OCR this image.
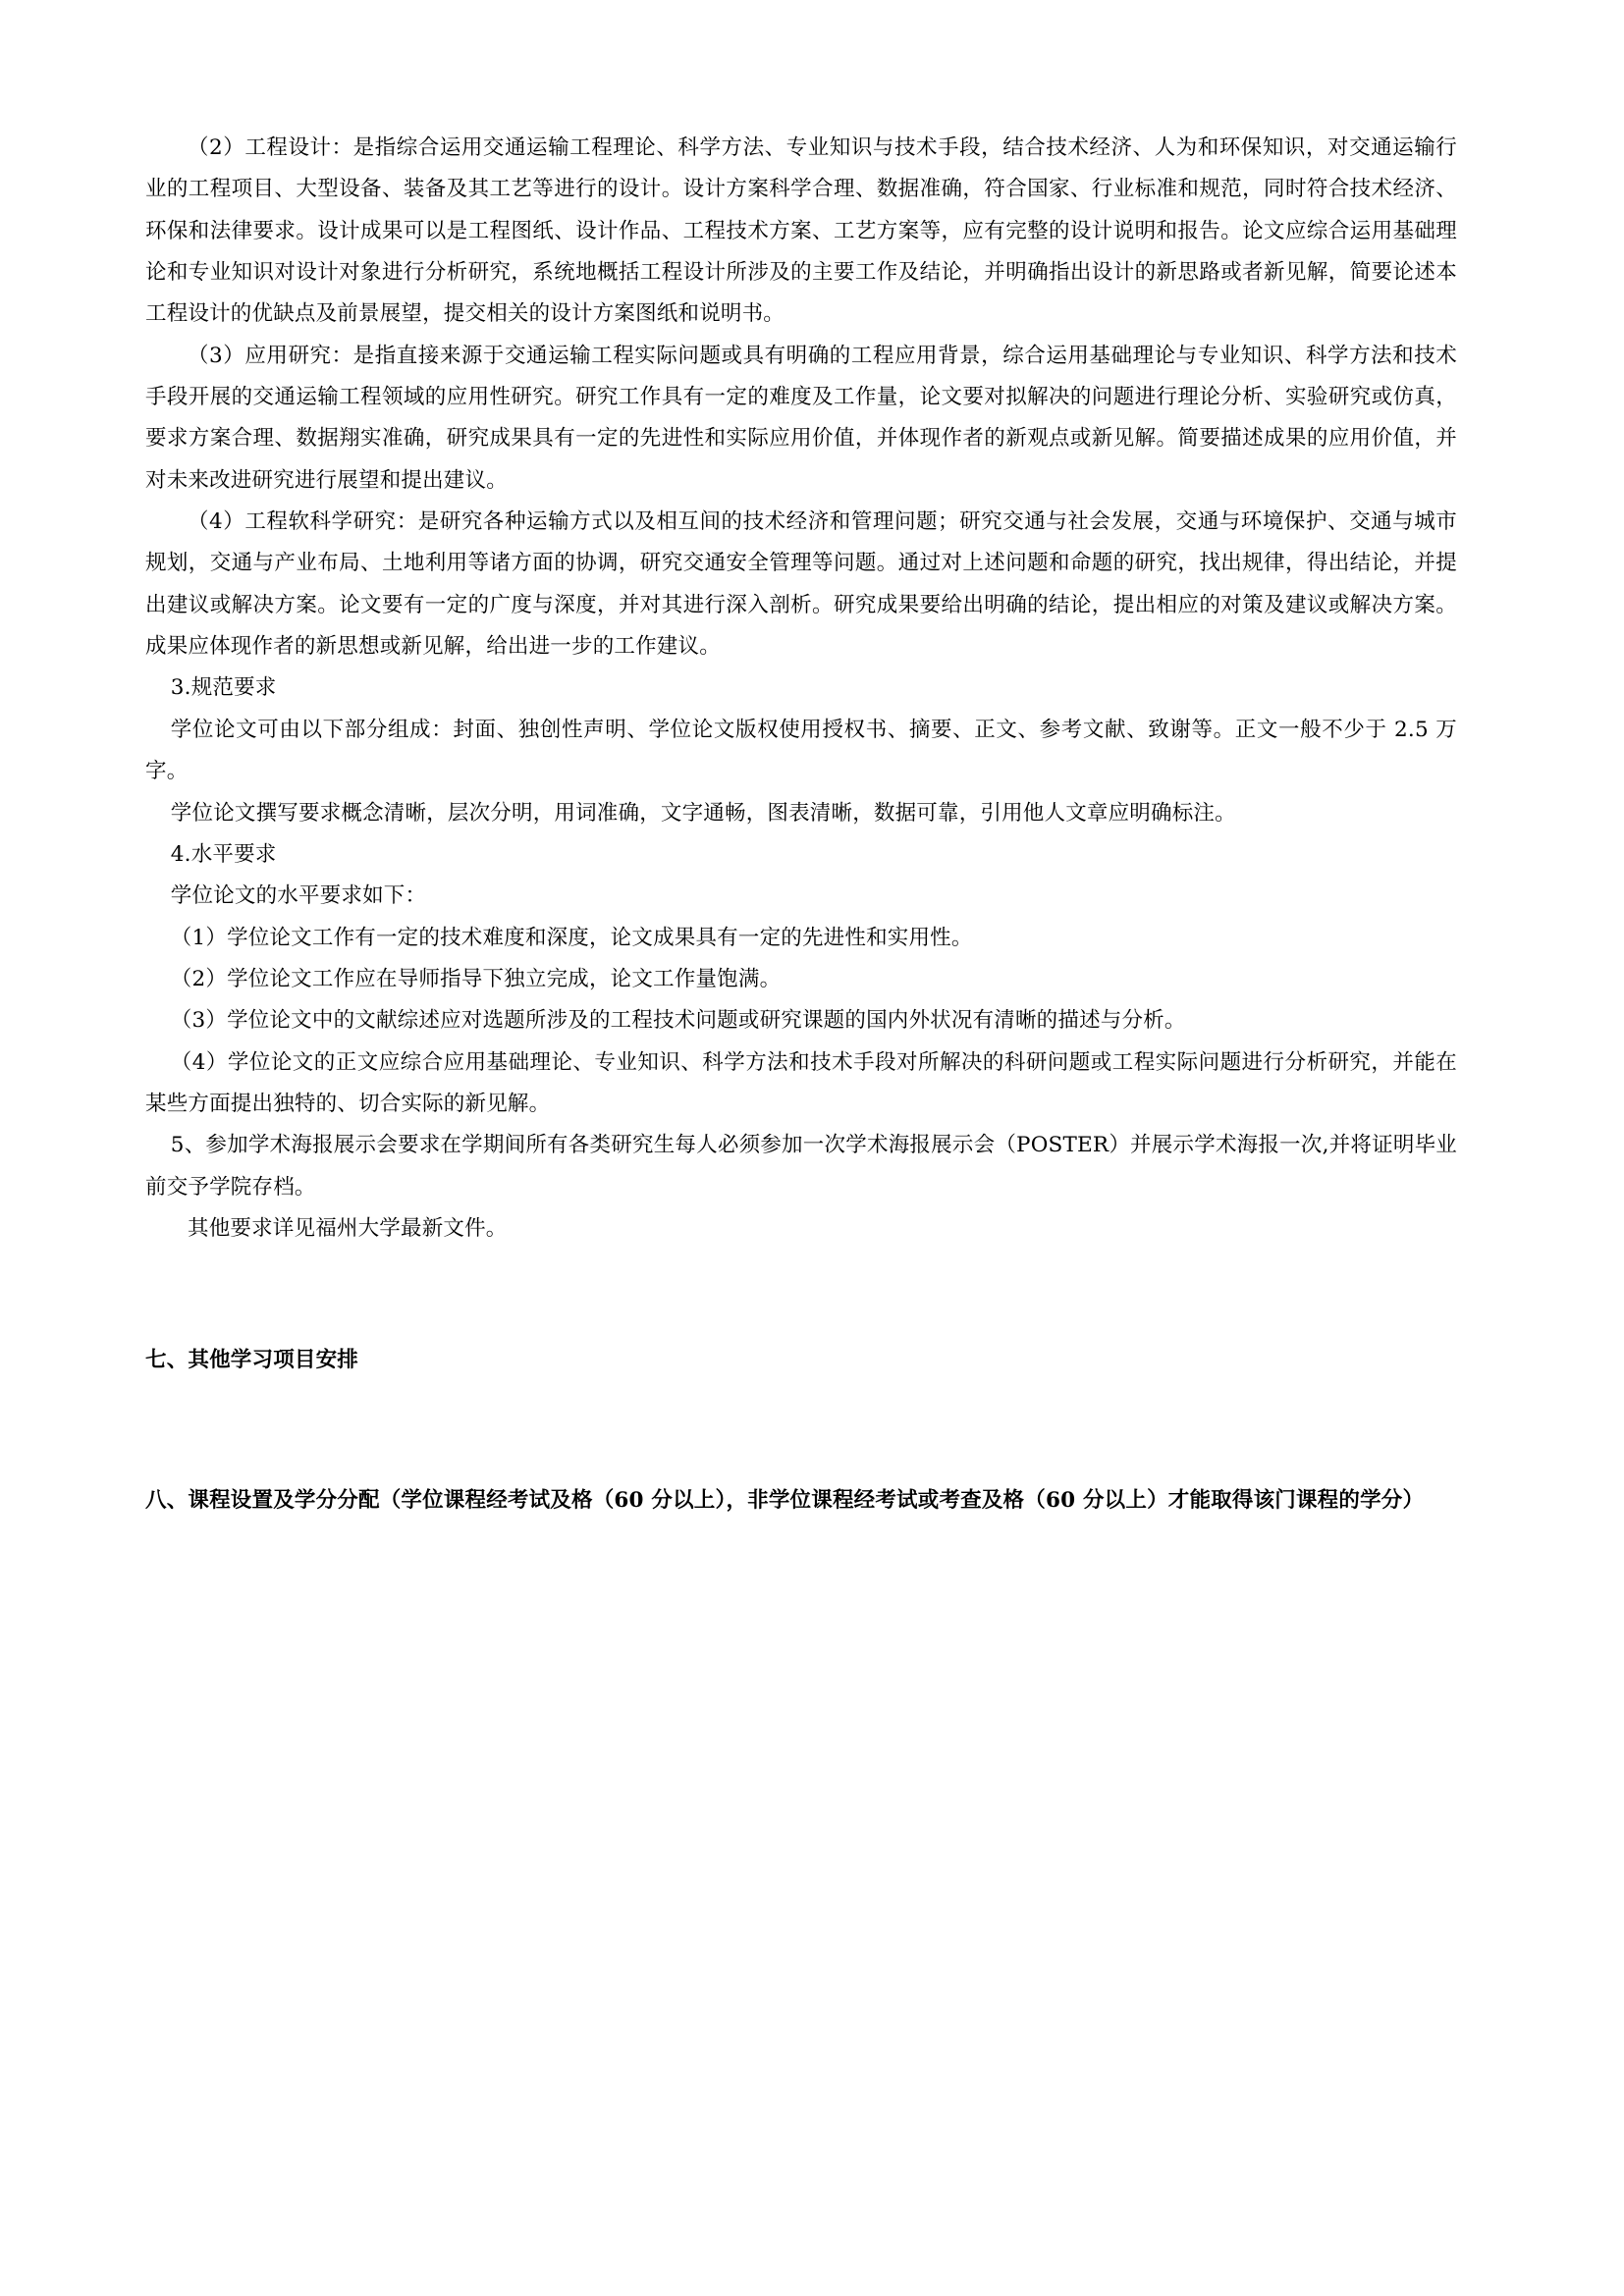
（2）工程设计：是指综合运用交通运输工程理论、科学方法、专业知识与技术手段，结合技术经济、人为和环保知识，对交通运输行业的工程项目、大型设备、装备及其工艺等进行的设计。设计方案科学合理、数据准确，符合国家、行业标准和规范，同时符合技术经济、环保和法律要求。设计成果可以是工程图纸、设计作品、工程技术方案、工艺方案等，应有完整的设计说明和报告。论文应综合运用基础理论和专业知识对设计对象进行分析研究，系统地概括工程设计所涉及的主要工作及结论，并明确指出设计的新思路或者新见解，简要论述本工程设计的优缺点及前景展望，提交相关的设计方案图纸和说明书。

（3）应用研究：是指直接来源于交通运输工程实际问题或具有明确的工程应用背景，综合运用基础理论与专业知识、科学方法和技术手段开展的交通运输工程领域的应用性研究。研究工作具有一定的难度及工作量，论文要对拟解决的问题进行理论分析、实验研究或仿真，要求方案合理、数据翔实准确，研究成果具有一定的先进性和实际应用价值，并体现作者的新观点或新见解。简要描述成果的应用价值，并对未来改进研究进行展望和提出建议。

（4）工程软科学研究：是研究各种运输方式以及相互间的技术经济和管理问题；研究交通与社会发展，交通与环境保护、交通与城市规划，交通与产业布局、土地利用等诸方面的协调，研究交通安全管理等问题。通过对上述问题和命题的研究，找出规律，得出结论，并提出建议或解决方案。论文要有一定的广度与深度，并对其进行深入剖析。研究成果要给出明确的结论，提出相应的对策及建议或解决方案。成果应体现作者的新思想或新见解，给出进一步的工作建议。

3.规范要求

学位论文可由以下部分组成：封面、独创性声明、学位论文版权使用授权书、摘要、正文、参考文献、致谢等。正文一般不少于 2.5 万字。

学位论文撰写要求概念清晰，层次分明，用词准确，文字通畅，图表清晰，数据可靠，引用他人文章应明确标注。

4.水平要求

学位论文的水平要求如下：

（1）学位论文工作有一定的技术难度和深度，论文成果具有一定的先进性和实用性。

（2）学位论文工作应在导师指导下独立完成，论文工作量饱满。

（3）学位论文中的文献综述应对选题所涉及的工程技术问题或研究课题的国内外状况有清晰的描述与分析。

（4）学位论文的正文应综合应用基础理论、专业知识、科学方法和技术手段对所解决的科研问题或工程实际问题进行分析研究，并能在某些方面提出独特的、切合实际的新见解。

5、参加学术海报展示会要求在学期间所有各类研究生每人必须参加一次学术海报展示会（POSTER）并展示学术海报一次,并将证明毕业前交予学院存档。

其他要求详见福州大学最新文件。

七、其他学习项目安排
八、课程设置及学分分配（学位课程经考试及格（60 分以上），非学位课程经考试或考查及格（60 分以上）才能取得该门课程的学分）
